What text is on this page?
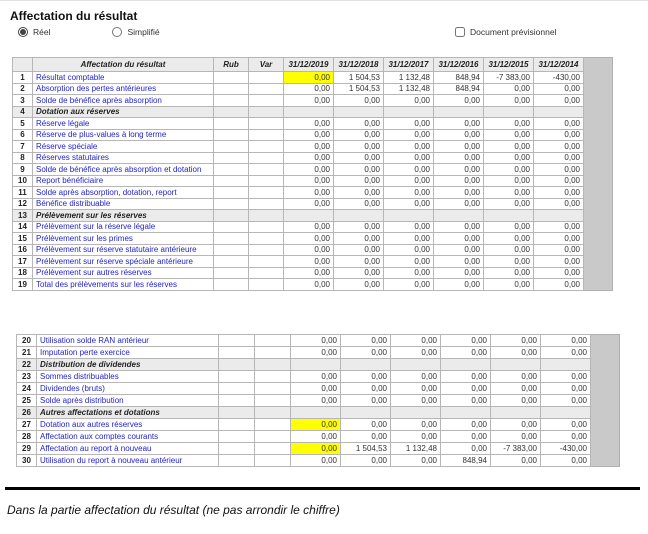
Affectation du résultat
Réel	Simplifié	Document prévisionnel
	Affectation du résultat	Rub	Var	31/12/2019	31/12/2018	31/12/2017	31/12/2016	31/12/2015	31/12/2014
1	Résultat comptable			0,00	1 504,53	1 132,48	848,94	-7 383,00	-430,00
2	Absorption des pertes antérieures			0,00	1 504,53	1 132,48	848,94	0,00	0,00
3	Solde de bénéfice après absorption			0,00	0,00	0,00	0,00	0,00	0,00
4	Dotation aux réserves								
5	Réserve légale			0,00	0,00	0,00	0,00	0,00	0,00
6	Réserve de plus-values à long terme			0,00	0,00	0,00	0,00	0,00	0,00
7	Réserve spéciale			0,00	0,00	0,00	0,00	0,00	0,00
8	Réserves statutaires			0,00	0,00	0,00	0,00	0,00	0,00
9	Solde de bénéfice après absorption et dotation			0,00	0,00	0,00	0,00	0,00	0,00
10	Report bénéficiaire			0,00	0,00	0,00	0,00	0,00	0,00
11	Solde après absorption, dotation, report			0,00	0,00	0,00	0,00	0,00	0,00
12	Bénéfice distribuable			0,00	0,00	0,00	0,00	0,00	0,00
13	Prélèvement sur les réserves								
14	Prélèvement sur la réserve légale			0,00	0,00	0,00	0,00	0,00	0,00
15	Prélèvement sur les primes			0,00	0,00	0,00	0,00	0,00	0,00
16	Prélèvement sur réserve statutaire antérieure			0,00	0,00	0,00	0,00	0,00	0,00
17	Prélèvement sur réserve spéciale antérieure			0,00	0,00	0,00	0,00	0,00	0,00
18	Prélèvement sur autres réserves			0,00	0,00	0,00	0,00	0,00	0,00
19	Total des prélèvements sur les réserves			0,00	0,00	0,00	0,00	0,00	0,00
20	Utilisation solde RAN antérieur			0,00	0,00	0,00	0,00	0,00	0,00
21	Imputation perte exercice			0,00	0,00	0,00	0,00	0,00	0,00
22	Distribution de dividendes								
23	Sommes distribuables			0,00	0,00	0,00	0,00	0,00	0,00
24	Dividendes (bruts)			0,00	0,00	0,00	0,00	0,00	0,00
25	Solde après distribution			0,00	0,00	0,00	0,00	0,00	0,00
26	Autres affectations et dotations								
27	Dotation aux autres réserves			0,00	0,00	0,00	0,00	0,00	0,00
28	Affectation aux comptes courants			0,00	0,00	0,00	0,00	0,00	0,00
29	Affectation au report à nouveau			0,00	1 504,53	1 132,48	0,00	-7 383,00	-430,00
30	Utilisation du report à nouveau antérieur			0,00	0,00	0,00	848,94	0,00	0,00
Dans la partie affectation du résultat (ne pas arrondir le chiffre)
